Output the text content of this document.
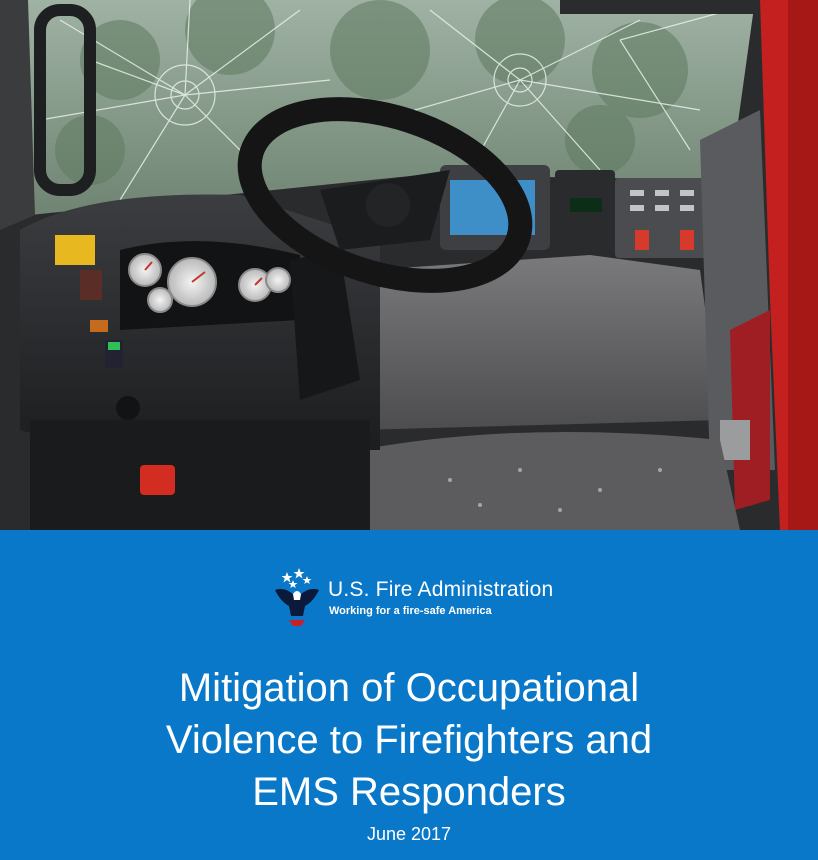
U.S. Fire Administration
Working for a fire-safe America
Mitigation of Occupational
Violence to Firefighters and
EMS Responders
June 2017
